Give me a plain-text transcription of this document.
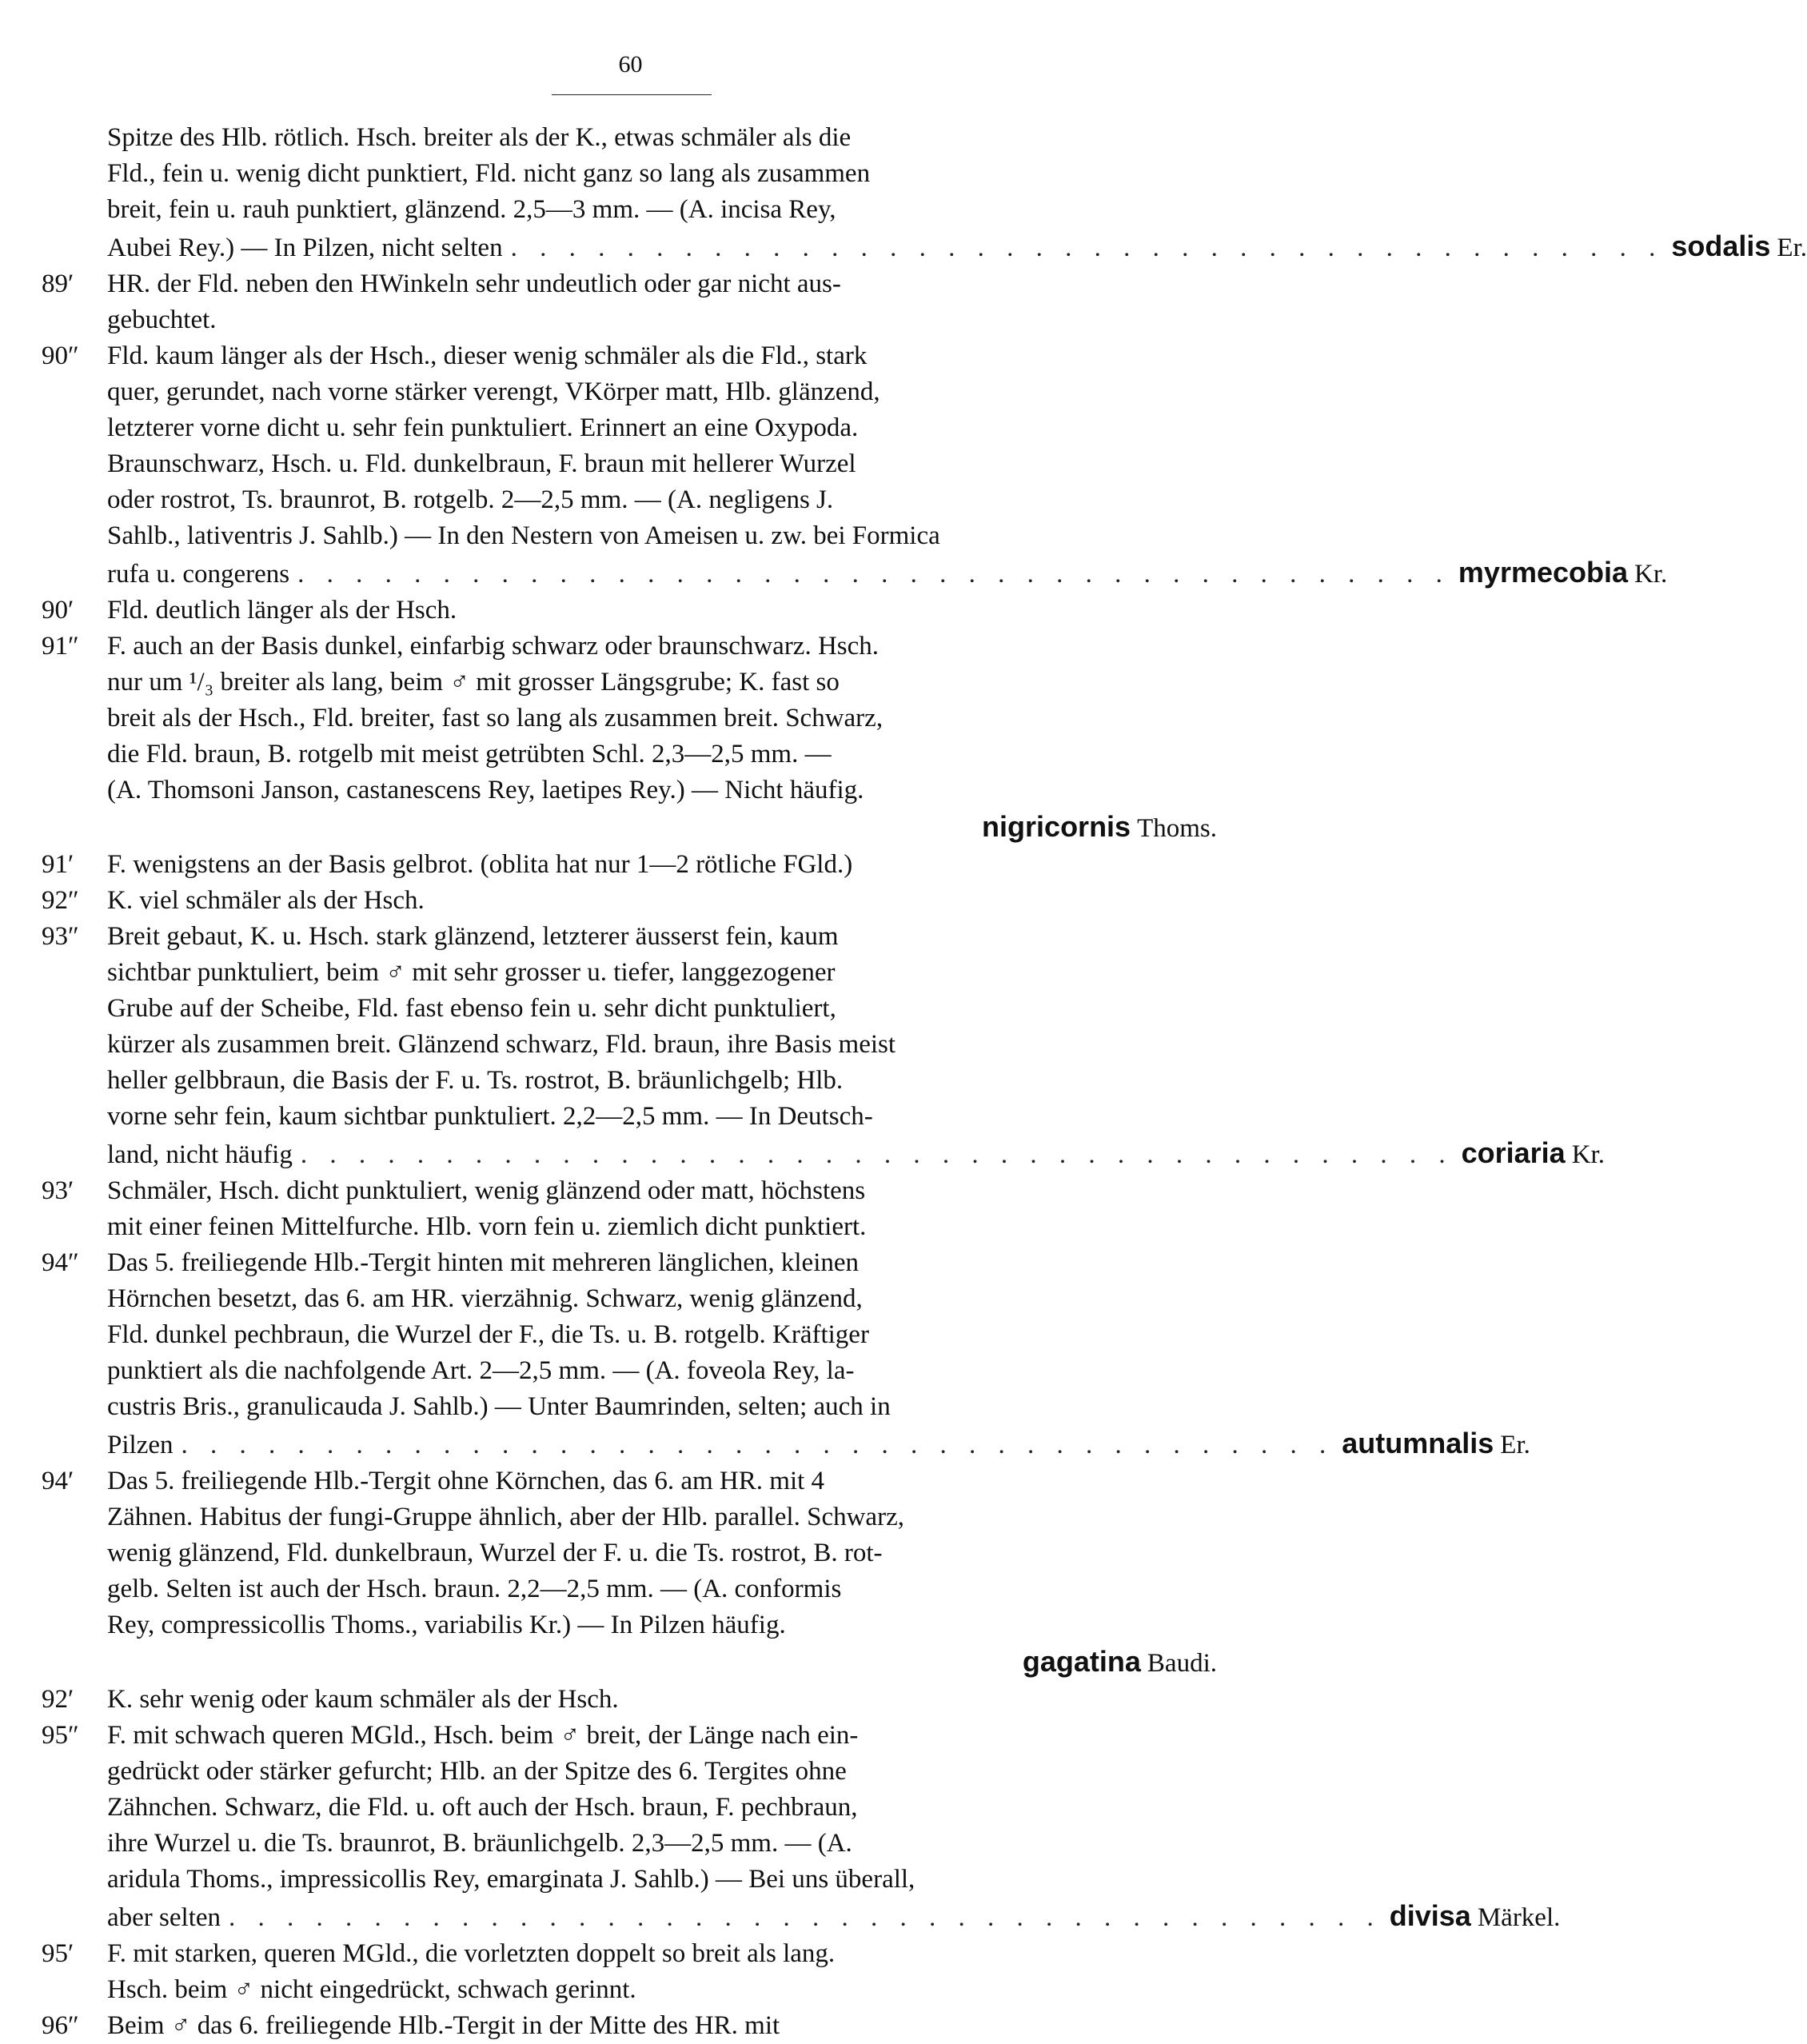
60
Spitze des Hlb. rötlich. Hsch. breiter als der K., etwas schmäler als die
Fld., fein u. wenig dicht punktiert, Fld. nicht ganz so lang als zusammen
breit, fein u. rauh punktiert, glänzend. 2,5—3 mm. — (A. incisa Rey,
Aubei Rey.) — In Pilzen, nicht selten . . . . . . . . . . . . . . . . . . . . . . . . . . . . . . . . . . . . . . . . sodalis Er.
89′	HR. der Fld. neben den HWinkeln sehr undeutlich oder gar nicht aus-
gebuchtet.
90″	Fld. kaum länger als der Hsch., dieser wenig schmäler als die Fld., stark
quer, gerundet, nach vorne stärker verengt, VKörper matt, Hlb. glänzend,
letzterer vorne dicht u. sehr fein punktuliert. Erinnert an eine Oxypoda.
Braunschwarz, Hsch. u. Fld. dunkelbraun, F. braun mit hellerer Wurzel
oder rostrot, Ts. braunrot, B. rotgelb. 2—2,5 mm. — (A. negligens J.
Sahlb., lativentris J. Sahlb.) — In den Nestern von Ameisen u. zw. bei Formica
rufa u. congerens . . . . . . . . . . . . . . . . . . . . . . . . . . . . . . . . . . . . . . . . myrmecobia Kr.
90′	Fld. deutlich länger als der Hsch.
91″	F. auch an der Basis dunkel, einfarbig schwarz oder braunschwarz. Hsch.
nur um ¹/₃ breiter als lang, beim ♂ mit grosser Längsgrube; K. fast so
breit als der Hsch., Fld. breiter, fast so lang als zusammen breit. Schwarz,
die Fld. braun, B. rotgelb mit meist getrübten Schl. 2,3—2,5 mm. —
(A. Thomsoni Janson, castanescens Rey, laetipes Rey.) — Nicht häufig.
nigricornis Thoms.
91′	F. wenigstens an der Basis gelbrot. (oblita hat nur 1—2 rötliche FGld.)
92″	K. viel schmäler als der Hsch.
93″	Breit gebaut, K. u. Hsch. stark glänzend, letzterer äusserst fein, kaum
sichtbar punktuliert, beim ♂ mit sehr grosser u. tiefer, langgezogener
Grube auf der Scheibe, Fld. fast ebenso fein u. sehr dicht punktuliert,
kürzer als zusammen breit. Glänzend schwarz, Fld. braun, ihre Basis meist
heller gelbbraun, die Basis der F. u. Ts. rostrot, B. bräunlichgelb; Hlb.
vorne sehr fein, kaum sichtbar punktuliert. 2,2—2,5 mm. — In Deutsch-
land, nicht häufig . . . . . . . . . . . . . . . . . . . . . . . . . . . . . . . . . . . . . . . . coriaria Kr.
93′	Schmäler, Hsch. dicht punktuliert, wenig glänzend oder matt, höchstens
mit einer feinen Mittelfurche. Hlb. vorn fein u. ziemlich dicht punktiert.
94″	Das 5. freiliegende Hlb.-Tergit hinten mit mehreren länglichen, kleinen
Hörnchen besetzt, das 6. am HR. vierzähnig. Schwarz, wenig glänzend,
Fld. dunkel pechbraun, die Wurzel der F., die Ts. u. B. rotgelb. Kräftiger
punktiert als die nachfolgende Art. 2—2,5 mm. — (A. foveola Rey, la-
custris Bris., granulicauda J. Sahlb.) — Unter Baumrinden, selten; auch in
Pilzen . . . . . . . . . . . . . . . . . . . . . . . . . . . . . . . . . . . . . . . . autumnalis Er.
94′	Das 5. freiliegende Hlb.-Tergit ohne Körnchen, das 6. am HR. mit 4
Zähnen. Habitus der fungi-Gruppe ähnlich, aber der Hlb. parallel. Schwarz,
wenig glänzend, Fld. dunkelbraun, Wurzel der F. u. die Ts. rostrot, B. rot-
gelb. Selten ist auch der Hsch. braun. 2,2—2,5 mm. — (A. conformis
Rey, compressicollis Thoms., variabilis Kr.) — In Pilzen häufig.
gagatina Baudi.
92′	K. sehr wenig oder kaum schmäler als der Hsch.
95″	F. mit schwach queren MGld., Hsch. beim ♂ breit, der Länge nach ein-
gedrückt oder stärker gefurcht; Hlb. an der Spitze des 6. Tergites ohne
Zähnchen. Schwarz, die Fld. u. oft auch der Hsch. braun, F. pechbraun,
ihre Wurzel u. die Ts. braunrot, B. bräunlichgelb. 2,3—2,5 mm. — (A.
aridula Thoms., impressicollis Rey, emarginata J. Sahlb.) — Bei uns überall,
aber selten . . . . . . . . . . . . . . . . . . . . . . . . . . . . . . . . . . . . . . . . divisa Märkel.
95′	F. mit starken, queren MGld., die vorletzten doppelt so breit als lang.
Hsch. beim ♂ nicht eingedrückt, schwach gerinnt.
96″	Beim ♂ das 6. freiliegende Hlb.-Tergit in der Mitte des HR. mit
